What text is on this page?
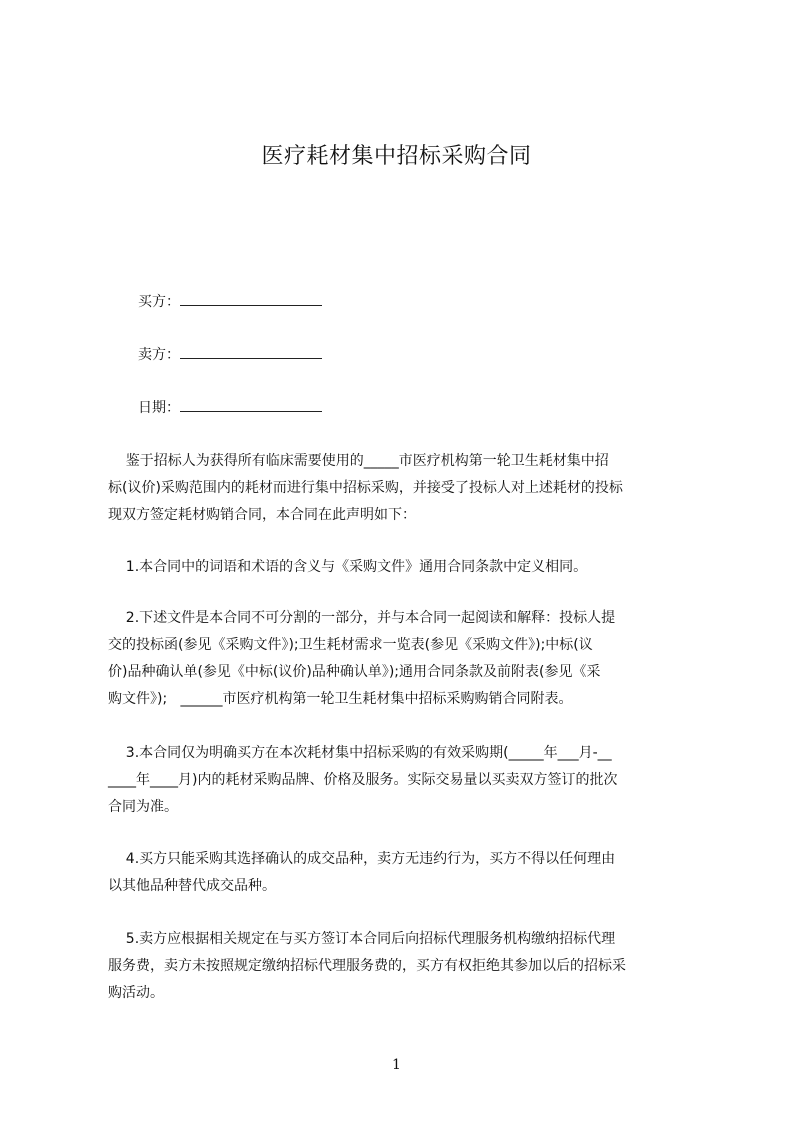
医疗耗材集中招标采购合同
买方：
卖方：
日期：
鉴于招标人为获得所有临床需要使用的_____市医疗机构第一轮卫生耗材集中招
标(议价)采购范围内的耗材而进行集中招标采购，并接受了投标人对上述耗材的投标
现双方签定耗材购销合同，本合同在此声明如下：
1.本合同中的词语和术语的含义与《采购文件》通用合同条款中定义相同。
2.下述文件是本合同不可分割的一部分，并与本合同一起阅读和解释：投标人提
交的投标函(参见《采购文件》);卫生耗材需求一览表(参见《采购文件》);中标(议
价)品种确认单(参见《中标(议价)品种确认单》);通用合同条款及前附表(参见《采
购文件》);   ______市医疗机构第一轮卫生耗材集中招标采购购销合同附表。
3.本合同仅为明确买方在本次耗材集中招标采购的有效采购期(_____年___月-__
____年____月)内的耗材采购品牌、价格及服务。实际交易量以买卖双方签订的批次
合同为准。
4.买方只能采购其选择确认的成交品种，卖方无违约行为，买方不得以任何理由
以其他品种替代成交品种。
5.卖方应根据相关规定在与买方签订本合同后向招标代理服务机构缴纳招标代理
服务费，卖方未按照规定缴纳招标代理服务费的，买方有权拒绝其参加以后的招标采
购活动。
1
